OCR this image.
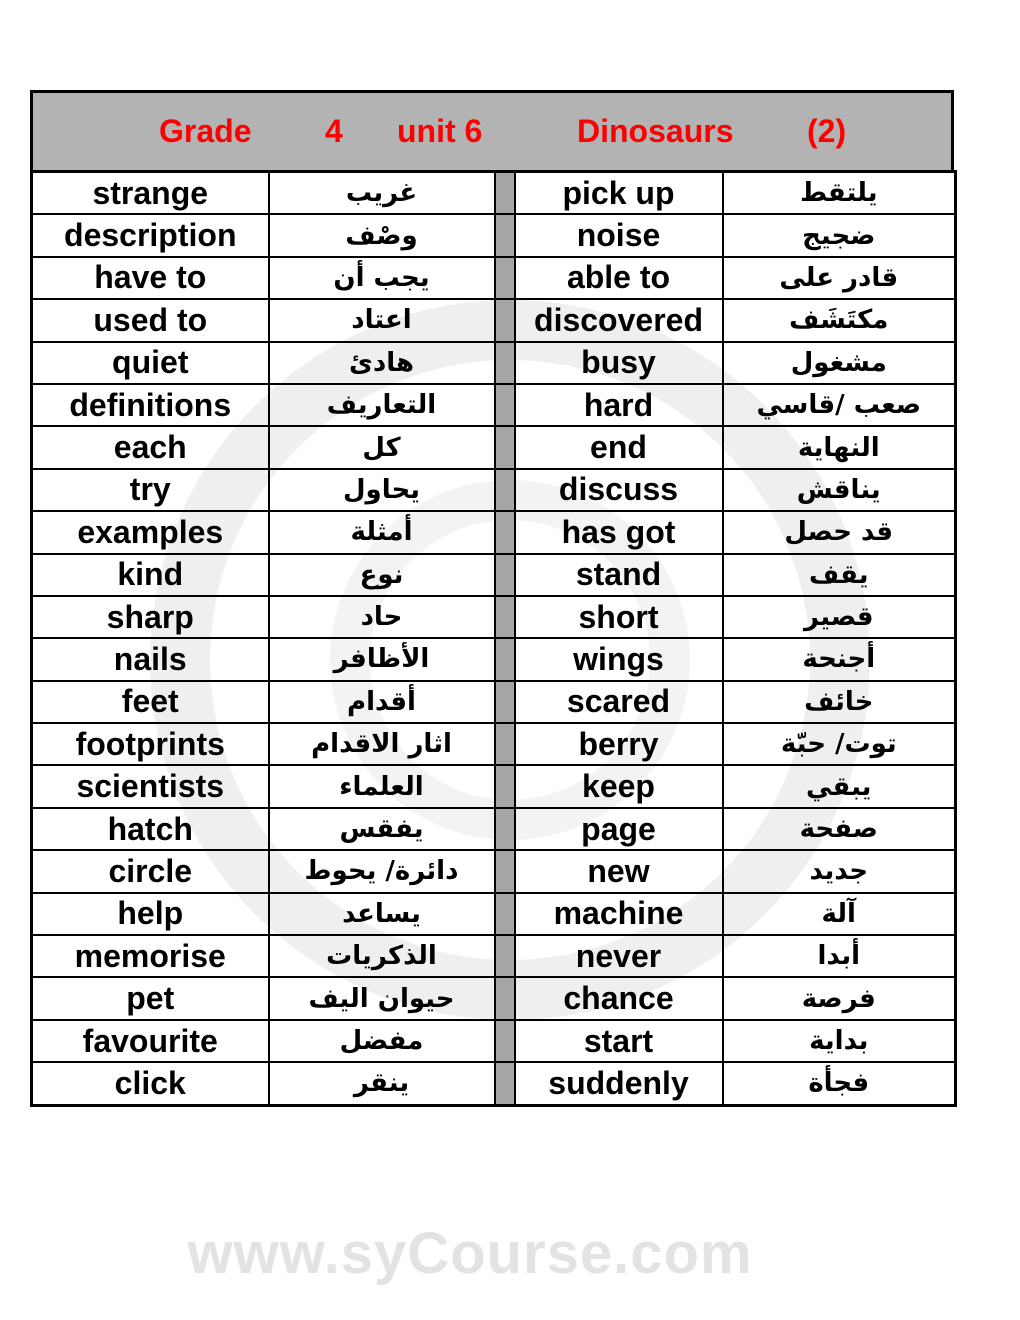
www.syCourse.com
Grade 4 unit 6	Dinosaurs (2)
strange	غريب		pick up	يلتقط
description	وصْف		noise	ضجيج
have to	يجب أن		able to	قادر على
used to	اعتاد		discovered	مكتَشَف
quiet	هادئ		busy	مشغول
definitions	التعاريف		hard	صعب /قاسي
each	كل		end	النهاية
try	يحاول		discuss	يناقش
examples	أمثلة		has got	قد حصل
kind	نوع		stand	يقف
sharp	حاد		short	قصير
nails	الأظافر		wings	أجنحة
feet	أقدام		scared	خائف
footprints	اثار الاقدام		berry	توت/ حبّة
scientists	العلماء		keep	يبقي
hatch	يفقس		page	صفحة
circle	دائرة/ يحوط		new	جديد
help	يساعد		machine	آلة
memorise	الذكريات		never	أبدا
pet	حيوان اليف		chance	فرصة
favourite	مفضل		start	بداية
click	ينقر		suddenly	فجأة
